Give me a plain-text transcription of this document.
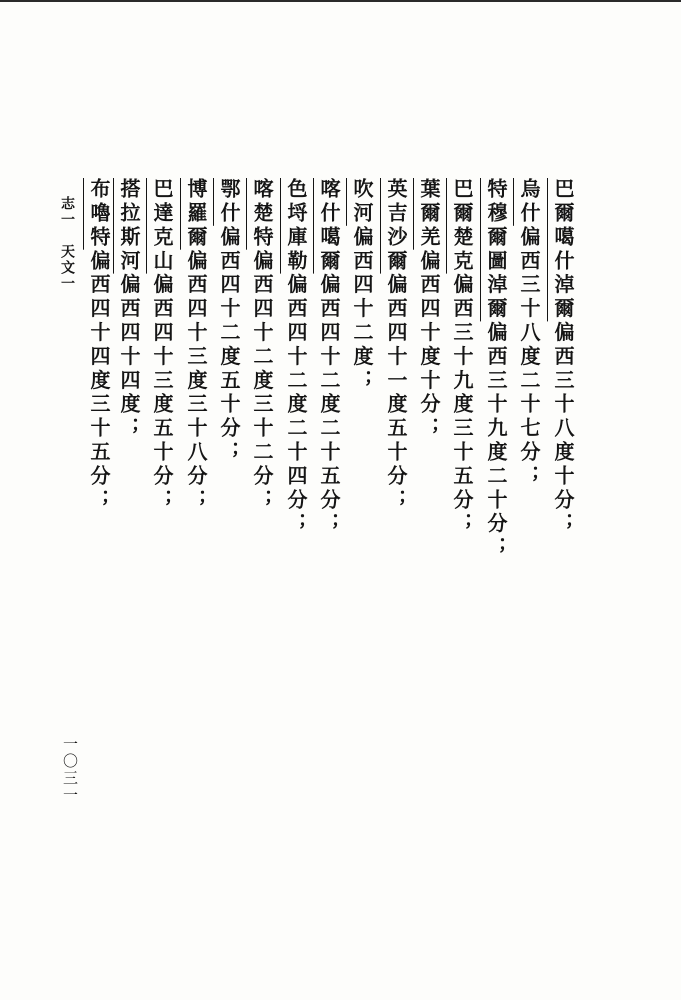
巴爾噶什淖爾偏西三十八度十分；
烏什偏西三十八度二十七分；
特穆爾圖淖爾偏西三十九度二十分；
巴爾楚克偏西三十九度三十五分；
葉爾羌偏西四十度十分；
英吉沙爾偏西四十一度五十分；
吹河偏西四十二度；
喀什噶爾偏西四十二度二十五分；
色埒庫勒偏西四十二度二十四分；
喀楚特偏西四十二度三十二分；
鄂什偏西四十二度五十分；
博羅爾偏西四十三度三十八分；
巴達克山偏西四十三度五十分；
搭拉斯河偏西四十四度；
布嚕特偏西四十四度三十五分；
志一　天文一
一〇三一
